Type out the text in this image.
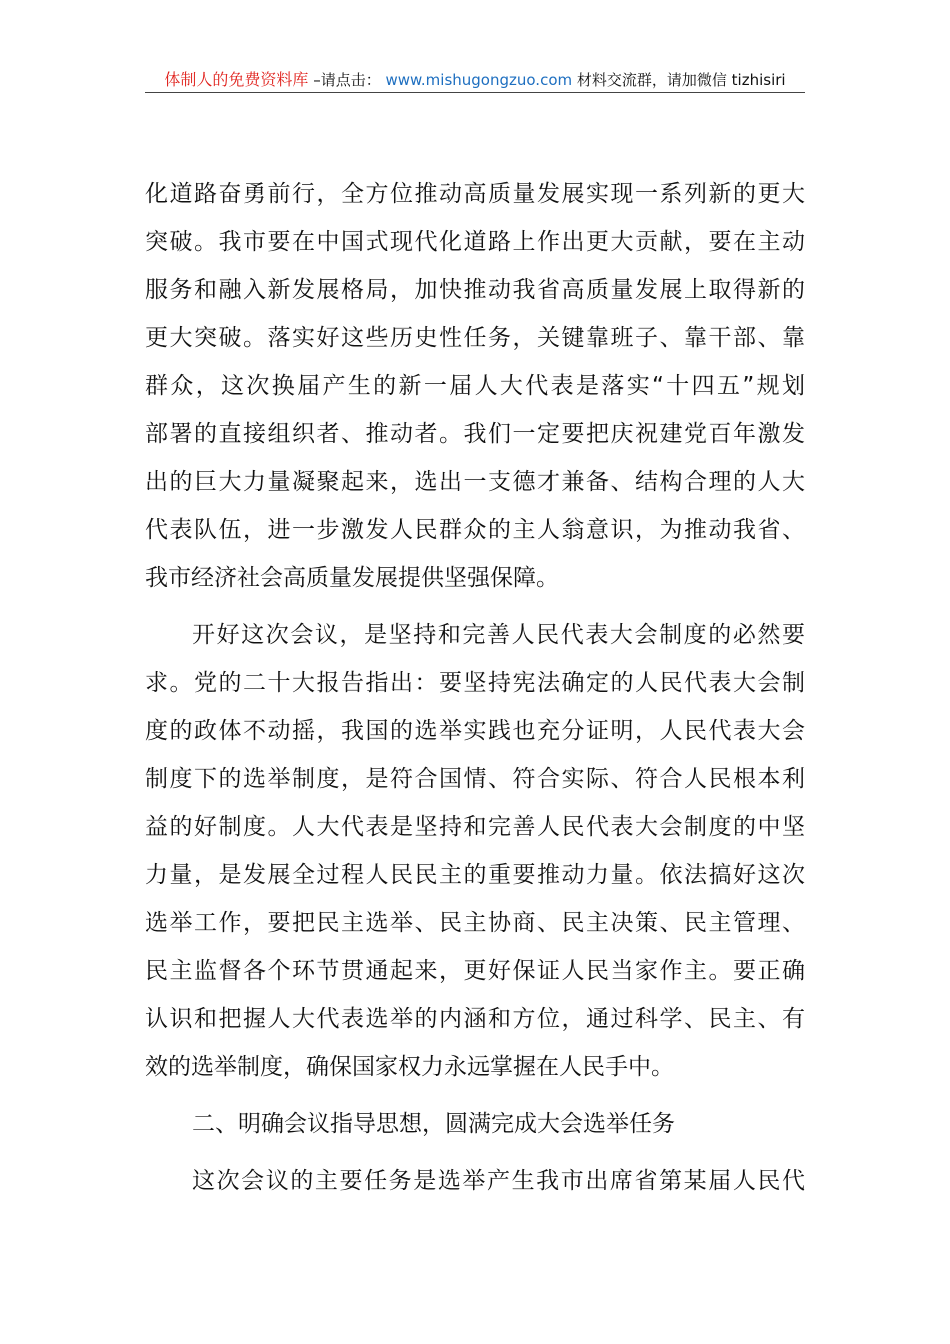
体制人的免费资料库 –请点击： www.mishugongzuo.com 材料交流群，请加微信 tizhisiri
化道路奋勇前行，全方位推动高质量发展实现一系列新的更大
突破。我市要在中国式现代化道路上作出更大贡献，要在主动
服务和融入新发展格局，加快推动我省高质量发展上取得新的
更大突破。落实好这些历史性任务，关键靠班子、靠干部、靠
群众，这次换届产生的新一届人大代表是落实“十四五”规划
部署的直接组织者、推动者。我们一定要把庆祝建党百年激发
出的巨大力量凝聚起来，选出一支德才兼备、结构合理的人大
代表队伍，进一步激发人民群众的主人翁意识，为推动我省、
我市经济社会高质量发展提供坚强保障。
开好这次会议，是坚持和完善人民代表大会制度的必然要
求。党的二十大报告指出：要坚持宪法确定的人民代表大会制
度的政体不动摇，我国的选举实践也充分证明，人民代表大会
制度下的选举制度，是符合国情、符合实际、符合人民根本利
益的好制度。人大代表是坚持和完善人民代表大会制度的中坚
力量，是发展全过程人民民主的重要推动力量。依法搞好这次
选举工作，要把民主选举、民主协商、民主决策、民主管理、
民主监督各个环节贯通起来，更好保证人民当家作主。要正确
认识和把握人大代表选举的内涵和方位，通过科学、民主、有
效的选举制度，确保国家权力永远掌握在人民手中。
二、明确会议指导思想，圆满完成大会选举任务
这次会议的主要任务是选举产生我市出席省第某届人民代
